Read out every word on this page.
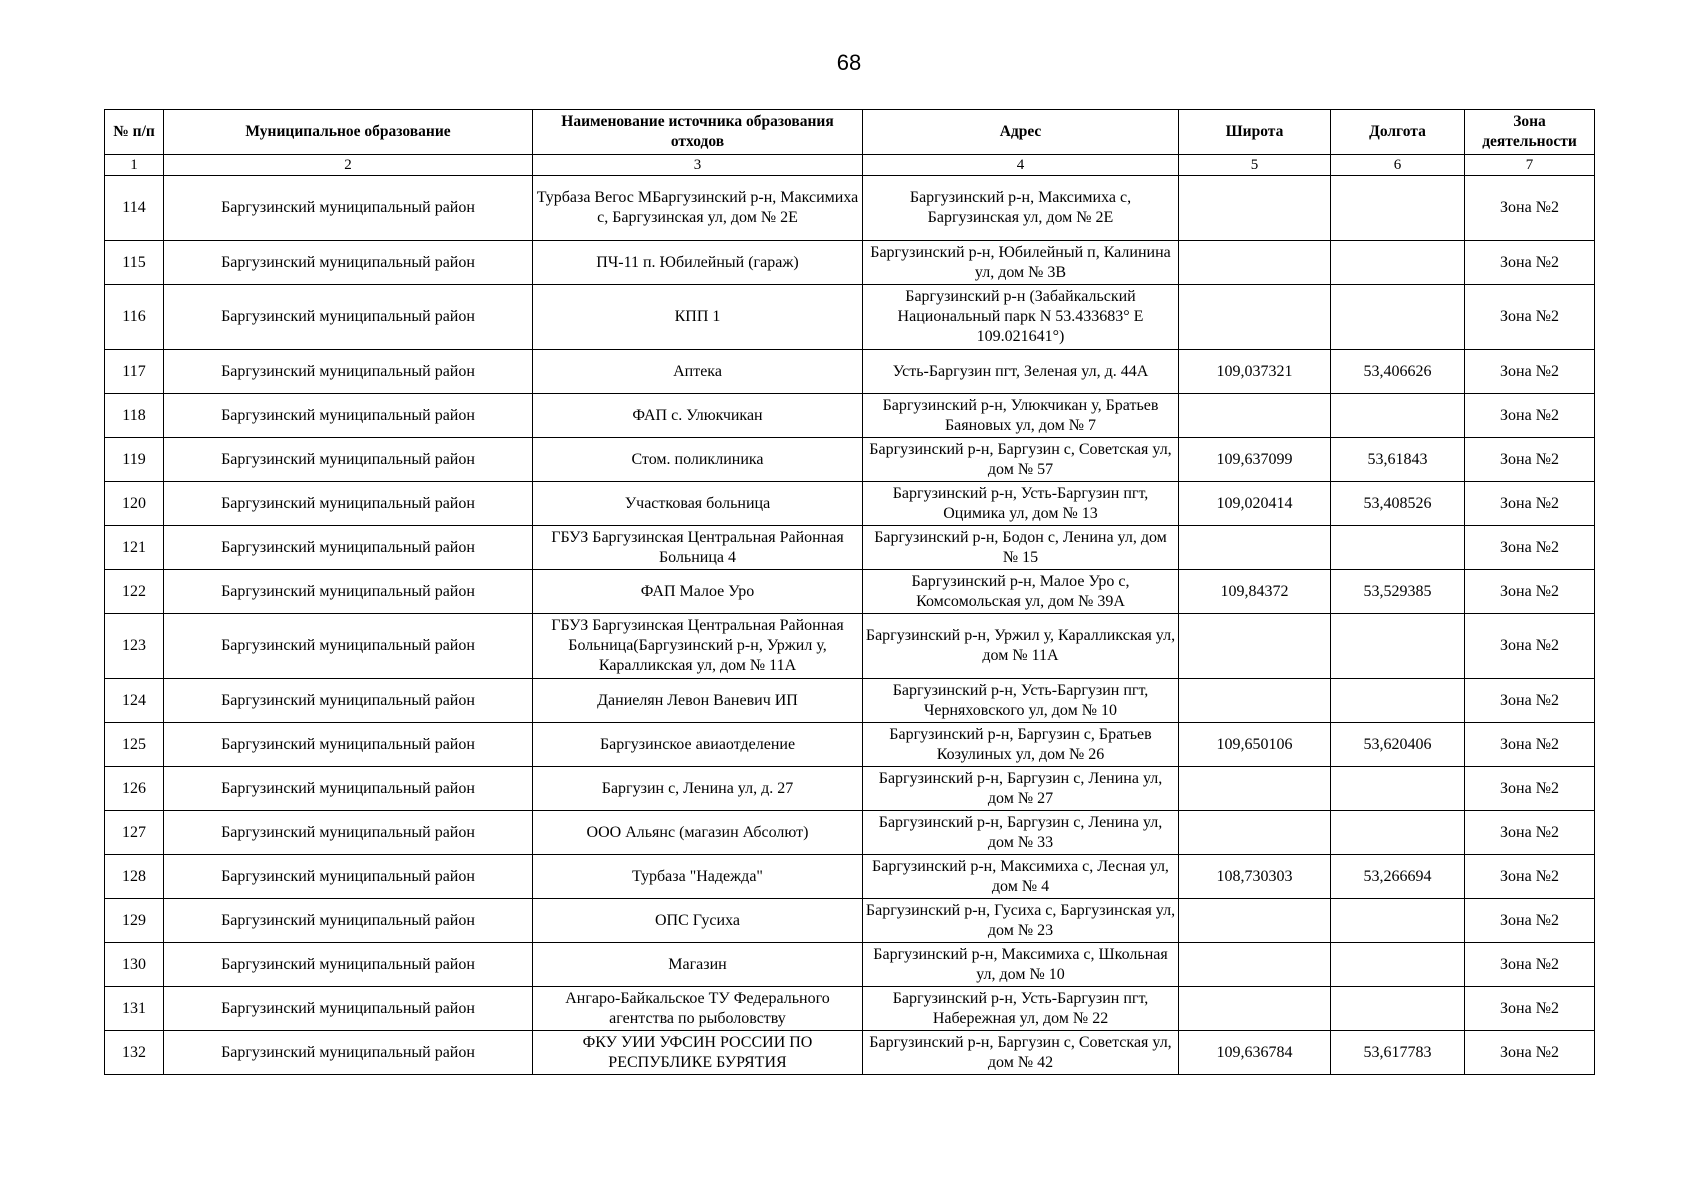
68
№ п/п	Муниципальное образование	Наименование источника образования отходов	Адрес	Широта	Долгота	Зона деятельности
1	2	3	4	5	6	7
114	Баргузинский муниципальный район	Турбаза Вегос МБаргузинский р-н, Максимиха с, Баргузинская ул, дом № 2Е	Баргузинский р-н, Максимиха с, Баргузинская ул, дом № 2Е			Зона №2
115	Баргузинский муниципальный район	ПЧ-11 п. Юбилейный (гараж)	Баргузинский р-н, Юбилейный п, Калинина ул, дом № 3В			Зона №2
116	Баргузинский муниципальный район	КПП 1	Баргузинский р-н (Забайкальский Национальный парк N 53.433683° E 109.021641°)			Зона №2
117	Баргузинский муниципальный район	Аптека	Усть-Баргузин пгт, Зеленая ул, д. 44А	109,037321	53,406626	Зона №2
118	Баргузинский муниципальный район	ФАП с. Улюкчикан	Баргузинский р-н, Улюкчикан у, Братьев Баяновых ул, дом № 7			Зона №2
119	Баргузинский муниципальный район	Стом. поликлиника	Баргузинский р-н, Баргузин с, Советская ул, дом № 57	109,637099	53,61843	Зона №2
120	Баргузинский муниципальный район	Участковая больница	Баргузинский р-н, Усть-Баргузин пгт, Оцимика ул, дом № 13	109,020414	53,408526	Зона №2
121	Баргузинский муниципальный район	ГБУЗ Баргузинская Центральная Районная Больница 4	Баргузинский р-н, Бодон с, Ленина ул, дом № 15			Зона №2
122	Баргузинский муниципальный район	ФАП Малое Уро	Баргузинский р-н, Малое Уро с, Комсомольская ул, дом № 39А	109,84372	53,529385	Зона №2
123	Баргузинский муниципальный район	ГБУЗ Баргузинская Центральная Районная Больница(Баргузинский р-н, Уржил у, Каралликская ул, дом № 11А	Баргузинский р-н, Уржил у, Каралликская ул, дом № 11А			Зона №2
124	Баргузинский муниципальный район	Даниелян Левон Ваневич ИП	Баргузинский р-н, Усть-Баргузин пгт, Черняховского ул, дом № 10			Зона №2
125	Баргузинский муниципальный район	Баргузинское авиаотделение	Баргузинский р-н, Баргузин с, Братьев Козулиных ул, дом № 26	109,650106	53,620406	Зона №2
126	Баргузинский муниципальный район	Баргузин с, Ленина ул, д. 27	Баргузинский р-н, Баргузин с, Ленина ул, дом № 27			Зона №2
127	Баргузинский муниципальный район	ООО Альянс (магазин Абсолют)	Баргузинский р-н, Баргузин с, Ленина ул, дом № 33			Зона №2
128	Баргузинский муниципальный район	Турбаза "Надежда"	Баргузинский р-н, Максимиха с, Лесная ул, дом № 4	108,730303	53,266694	Зона №2
129	Баргузинский муниципальный район	ОПС Гусиха	Баргузинский р-н, Гусиха с, Баргузинская ул, дом № 23			Зона №2
130	Баргузинский муниципальный район	Магазин	Баргузинский р-н, Максимиха с, Школьная ул, дом № 10			Зона №2
131	Баргузинский муниципальный район	Ангаро-Байкальское ТУ Федерального агентства по рыболовству	Баргузинский р-н, Усть-Баргузин пгт, Набережная ул, дом № 22			Зона №2
132	Баргузинский муниципальный район	ФКУ УИИ УФСИН РОССИИ ПО РЕСПУБЛИКЕ БУРЯТИЯ	Баргузинский р-н, Баргузин с, Советская ул, дом № 42	109,636784	53,617783	Зона №2
